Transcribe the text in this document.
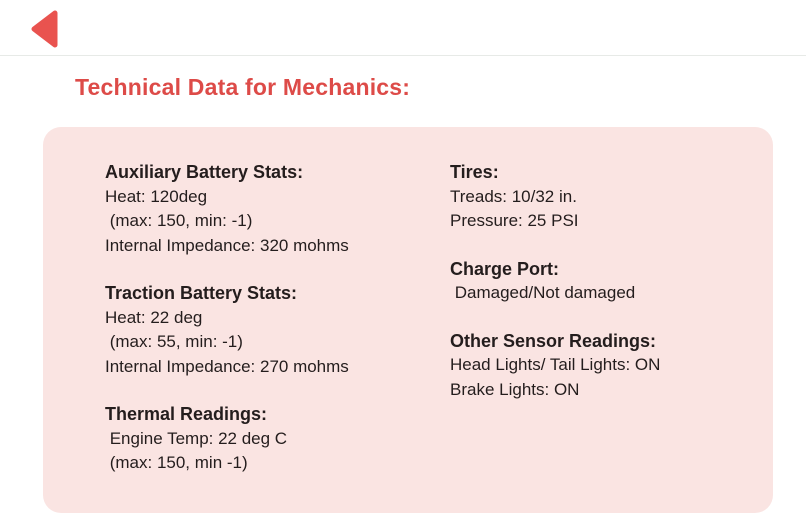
Technical Data for Mechanics:
Auxiliary Battery Stats:
Heat: 120deg
(max: 150, min: -1)
Internal Impedance: 320 mohms
Traction Battery Stats:
Heat: 22 deg
(max: 55, min: -1)
Internal Impedance: 270 mohms
Thermal Readings:
Engine Temp: 22 deg C
(max: 150, min -1)
Tires:
Treads: 10/32 in.
Pressure: 25 PSI
Charge Port:
Damaged/Not damaged
Other Sensor Readings:
Head Lights/ Tail Lights: ON
Brake Lights: ON
